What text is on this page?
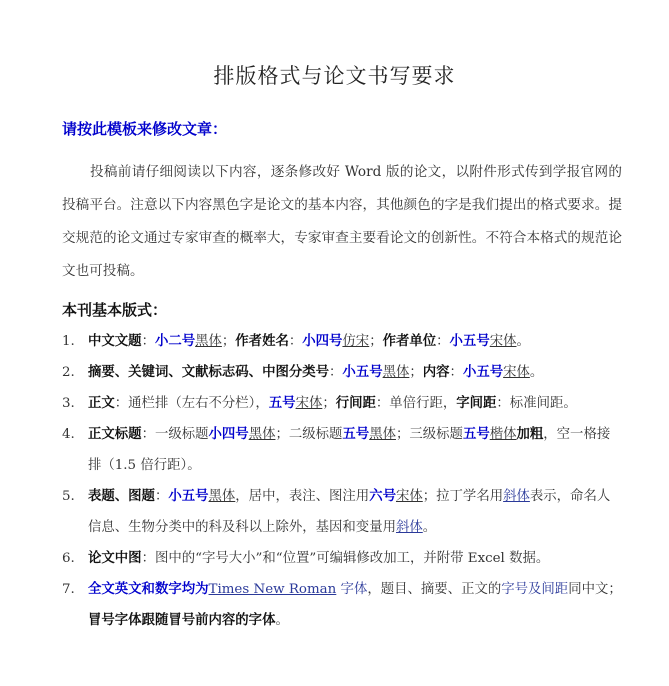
排版格式与论文书写要求
请按此模板来修改文章：
投稿前请仔细阅读以下内容，逐条修改好 Word 版的论文，以附件形式传到学报官网的投稿平台。注意以下内容黑色字是论文的基本内容，其他颜色的字是我们提出的格式要求。提交规范的论文通过专家审查的概率大，专家审查主要看论文的创新性。不符合本格式的规范论文也可投稿。
本刊基本版式：
1. 中文文题：小二号黑体；作者姓名：小四号仿宋；作者单位：小五号宋体。
2. 摘要、关键词、文献标志码、中图分类号：小五号黑体；内容：小五号宋体。
3. 正文：通栏排（左右不分栏），五号宋体；行间距：单倍行距，字间距：标准间距。
4. 正文标题：一级标题小四号黑体；二级标题五号黑体；三级标题五号楷体加粗，空一格接排（1.5 倍行距）。
5. 表题、图题：小五号黑体，居中，表注、图注用六号宋体；拉丁学名用斜体表示，命名人信息、生物分类中的科及科以上除外，基因和变量用斜体。
6. 论文中图：图中的“字号大小”和“位置”可编辑修改加工，并附带 Excel 数据。
7. 全文英文和数字均为Times New Roman 字体，题目、摘要、正文的字号及间距同中文；冒号字体跟随冒号前内容的字体。
